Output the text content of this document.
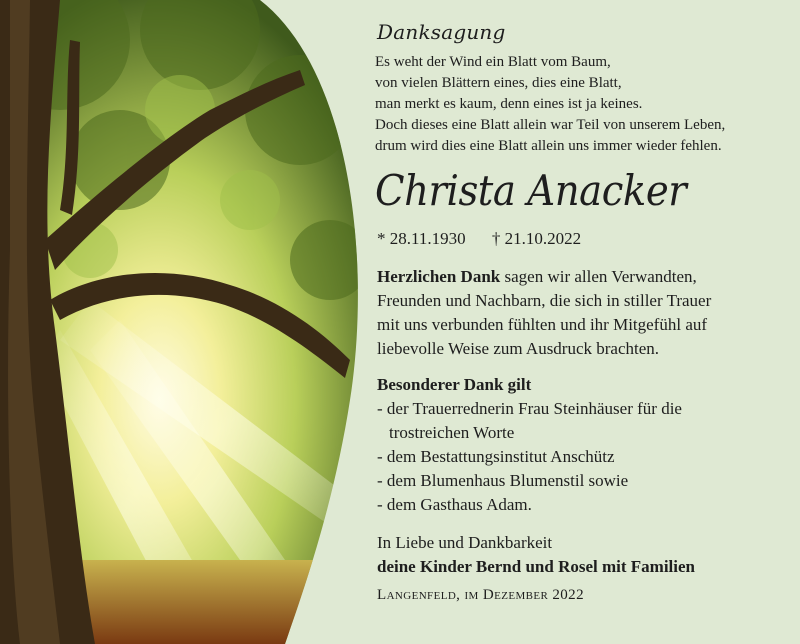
Danksagung
Es weht der Wind ein Blatt vom Baum,
von vielen Blättern eines, dies eine Blatt,
man merkt es kaum, denn eines ist ja keines.
Doch dieses eine Blatt allein war Teil von unserem Leben,
drum wird dies eine Blatt allein uns immer wieder fehlen.
Christa Anacker
* 28.11.1930 † 21.10.2022
Herzlichen Dank sagen wir allen Verwandten,
Freunden und Nachbarn, die sich in stiller Trauer
mit uns verbunden fühlten und ihr Mitgefühl auf
liebevolle Weise zum Ausdruck brachten.
Besonderer Dank gilt
- der Trauerrednerin Frau Steinhäuser für die
trostreichen Worte
- dem Bestattungsinstitut Anschütz
- dem Blumenhaus Blumenstil sowie
- dem Gasthaus Adam.
In Liebe und Dankbarkeit
deine Kinder Bernd und Rosel mit Familien
Langenfeld, im Dezember 2022
